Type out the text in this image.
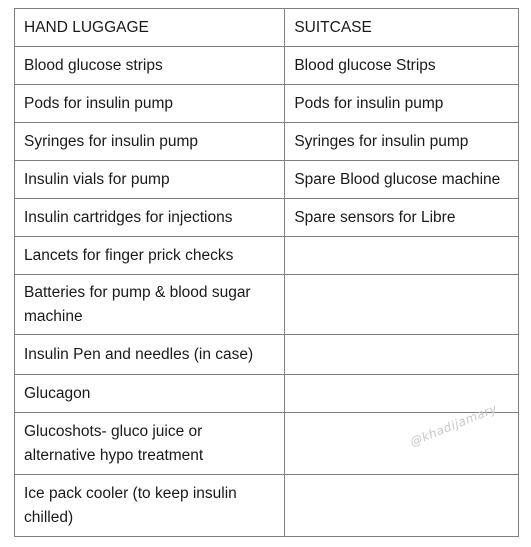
HAND LUGGAGE	SUITCASE
Blood glucose strips	Blood glucose Strips
Pods for insulin pump	Pods for insulin pump
Syringes for insulin pump	Syringes for insulin pump
Insulin vials for pump	Spare Blood glucose machine
Insulin cartridges for injections	Spare sensors for Libre
Lancets for finger prick checks	
Batteries for pump & blood sugar machine	
Insulin Pen and needles (in case)	
Glucagon	
Glucoshots- gluco juice or alternative hypo treatment	
Ice pack cooler (to keep insulin chilled)	
@khadijamary
